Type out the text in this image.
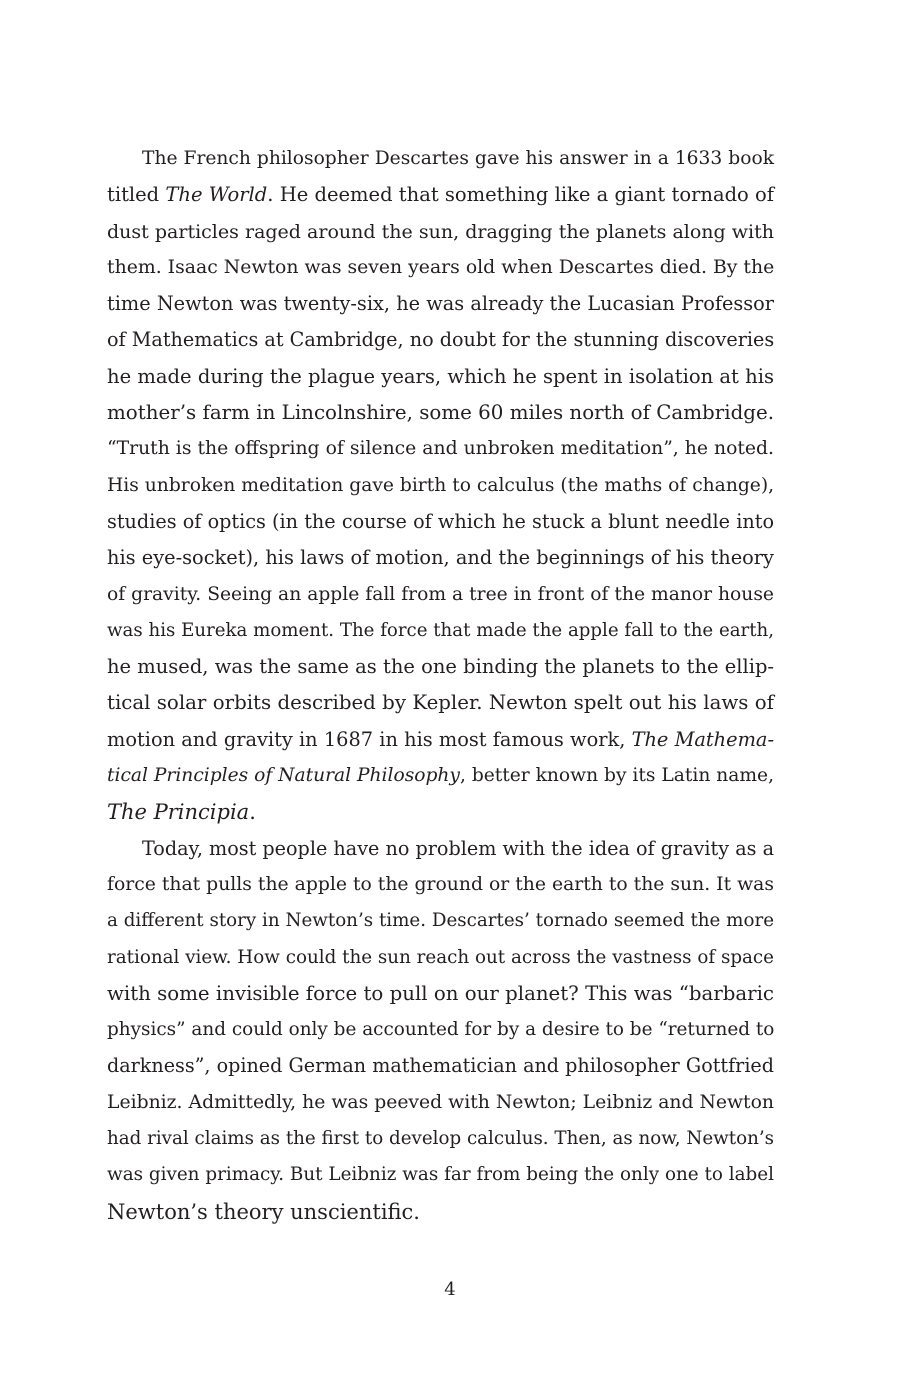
The French philosopher Descartes gave his answer in a 1633 book
titled The World. He deemed that something like a giant tornado of
dust particles raged around the sun, dragging the planets along with
them. Isaac Newton was seven years old when Descartes died. By the
time Newton was twenty-six, he was already the Lucasian Professor
of Mathematics at Cambridge, no doubt for the stunning discoveries
he made during the plague years, which he spent in isolation at his
mother’s farm in Lincolnshire, some 60 miles north of Cambridge.
“Truth is the offspring of silence and unbroken meditation”, he noted.
His unbroken meditation gave birth to calculus (the maths of change),
studies of optics (in the course of which he stuck a blunt needle into
his eye-socket), his laws of motion, and the beginnings of his theory
of gravity. Seeing an apple fall from a tree in front of the manor house
was his Eureka moment. The force that made the apple fall to the earth,
he mused, was the same as the one binding the planets to the ellip-
tical solar orbits described by Kepler. Newton spelt out his laws of
motion and gravity in 1687 in his most famous work, The Mathema-
tical Principles of Natural Philosophy, better known by its Latin name,
The Principia.
Today, most people have no problem with the idea of gravity as a
force that pulls the apple to the ground or the earth to the sun. It was
a different story in Newton’s time. Descartes’ tornado seemed the more
rational view. How could the sun reach out across the vastness of space
with some invisible force to pull on our planet? This was “barbaric
physics” and could only be accounted for by a desire to be “returned to
darkness”, opined German mathematician and philosopher Gottfried
Leibniz. Admittedly, he was peeved with Newton; Leibniz and Newton
had rival claims as the first to develop calculus. Then, as now, Newton’s
was given primacy. But Leibniz was far from being the only one to label
Newton’s theory unscientific.
4
